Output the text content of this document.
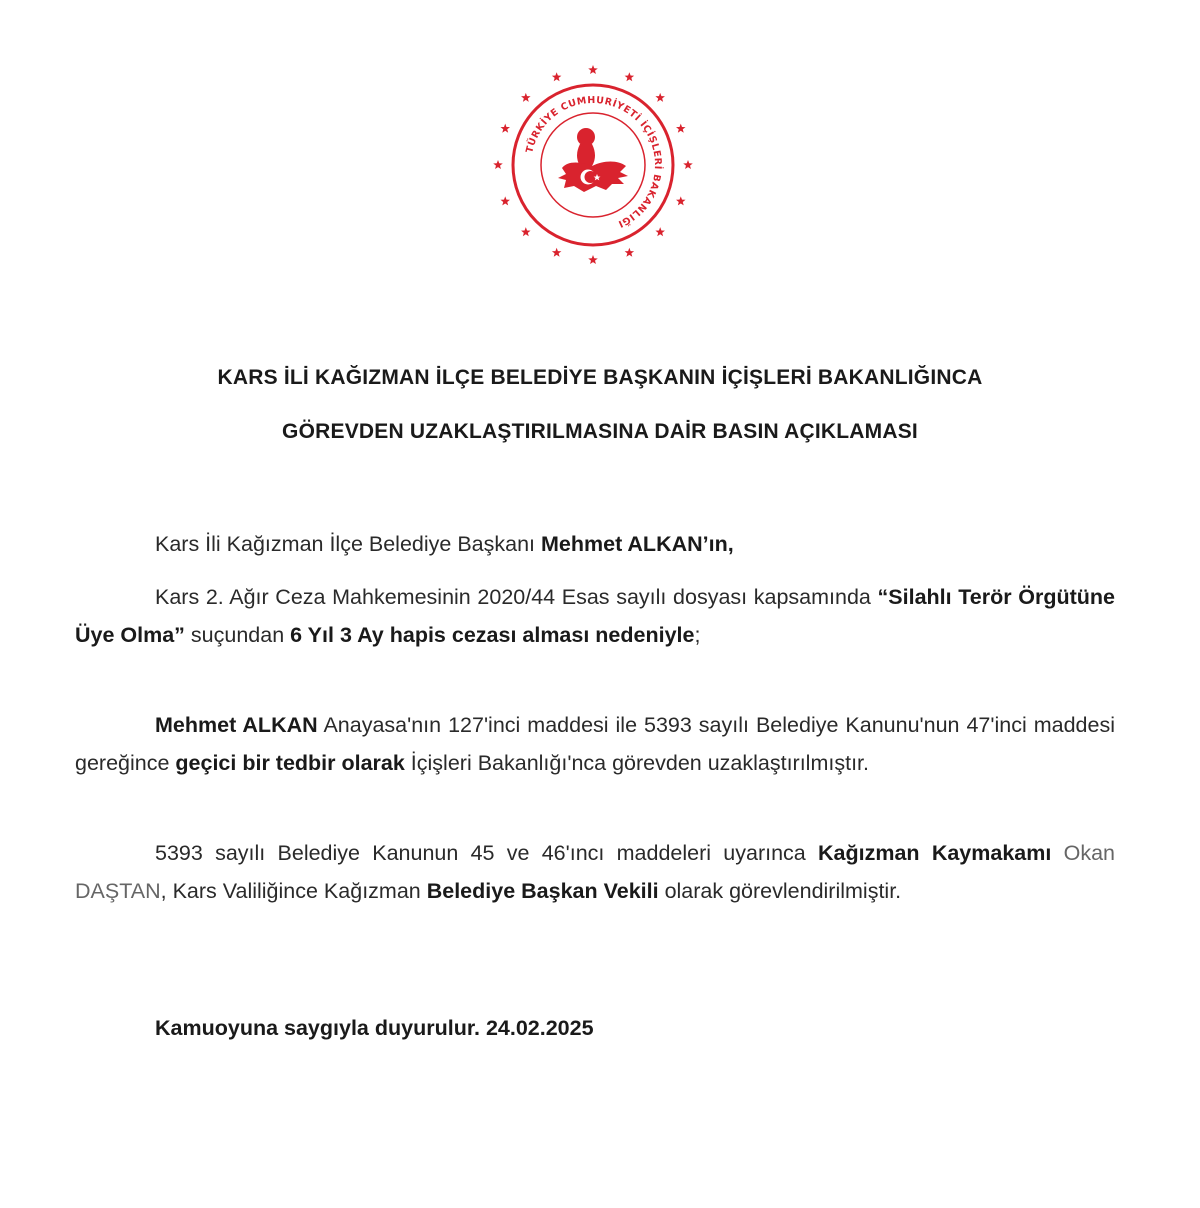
TÜRKİYE CUMHURİYETİ İÇİŞLERİ BAKANLIĞI
KARS İLİ KAĞIZMAN İLÇE BELEDİYE BAŞKANIN İÇİŞLERİ BAKANLIĞINCA
GÖREVDEN UZAKLAŞTIRILMASINA DAİR BASIN AÇIKLAMASI

Kars İli Kağızman İlçe Belediye Başkanı Mehmet ALKAN’ın,

Kars 2. Ağır Ceza Mahkemesinin 2020/44 Esas sayılı dosyası kapsamında “Silahlı Terör Örgütüne Üye Olma” suçundan 6 Yıl 3 Ay hapis cezası alması nedeniyle;

Mehmet ALKAN Anayasa'nın 127'inci maddesi ile 5393 sayılı Belediye Kanunu'nun 47'inci maddesi gereğince geçici bir tedbir olarak İçişleri Bakanlığı'nca görevden uzaklaştırılmıştır.

5393 sayılı Belediye Kanunun 45 ve 46'ıncı maddeleri uyarınca Kağızman Kaymakamı Okan DAŞTAN, Kars Valiliğince Kağızman Belediye Başkan Vekili olarak görevlendirilmiştir.

Kamuoyuna saygıyla duyurulur. 24.02.2025
